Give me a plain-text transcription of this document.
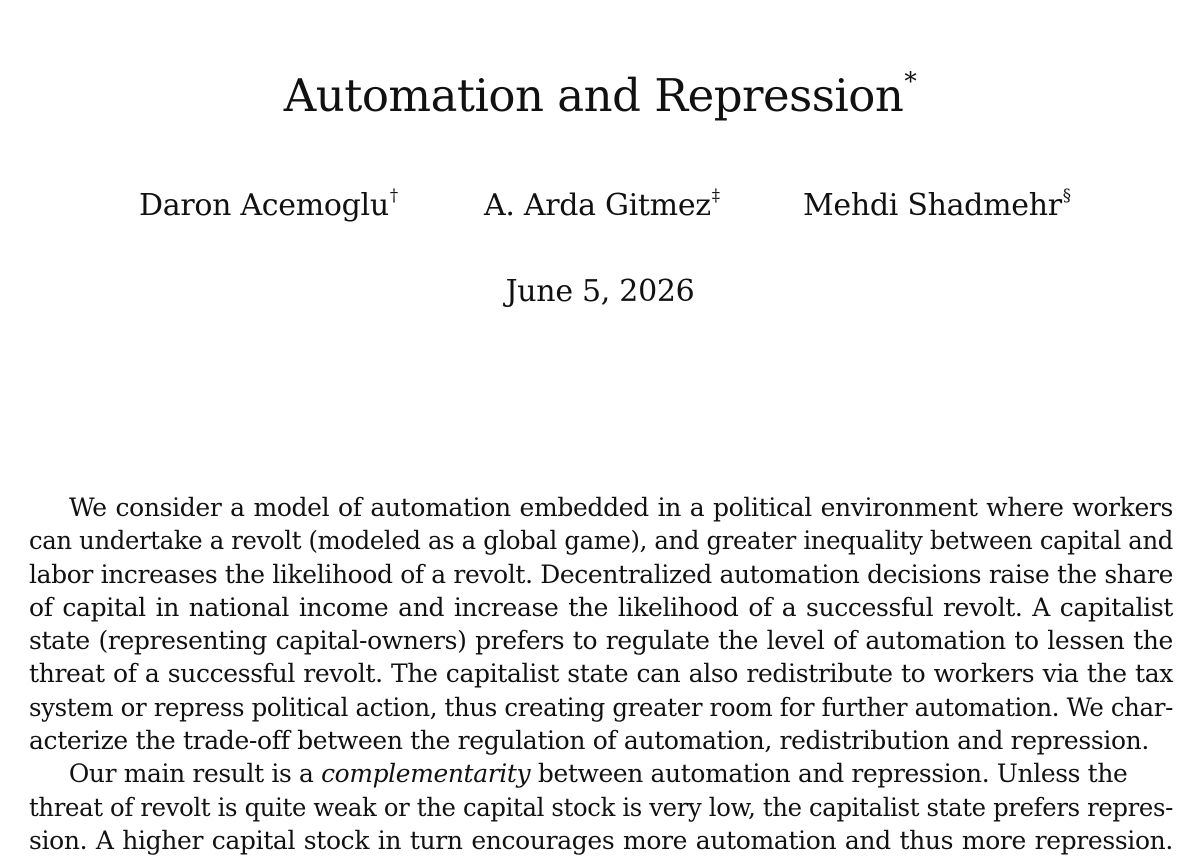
Automation and Repression*
Daron Acemoglu†	A. Arda Gitmez‡	Mehdi Shadmehr§
June 5, 2026
We consider a model of automation embedded in a political environment where workers
can undertake a revolt (modeled as a global game), and greater inequality between capital and
labor increases the likelihood of a revolt. Decentralized automation decisions raise the share
of capital in national income and increase the likelihood of a successful revolt. A capitalist
state (representing capital-owners) prefers to regulate the level of automation to lessen the
threat of a successful revolt. The capitalist state can also redistribute to workers via the tax
system or repress political action, thus creating greater room for further automation. We char-
acterize the trade-off between the regulation of automation, redistribution and repression.
Our main result is a
complementarity
between automation and repression. Unless the
threat of revolt is quite weak or the capital stock is very low, the capitalist state prefers repres-
sion. A higher capital stock in turn encourages more automation and thus more repression.
